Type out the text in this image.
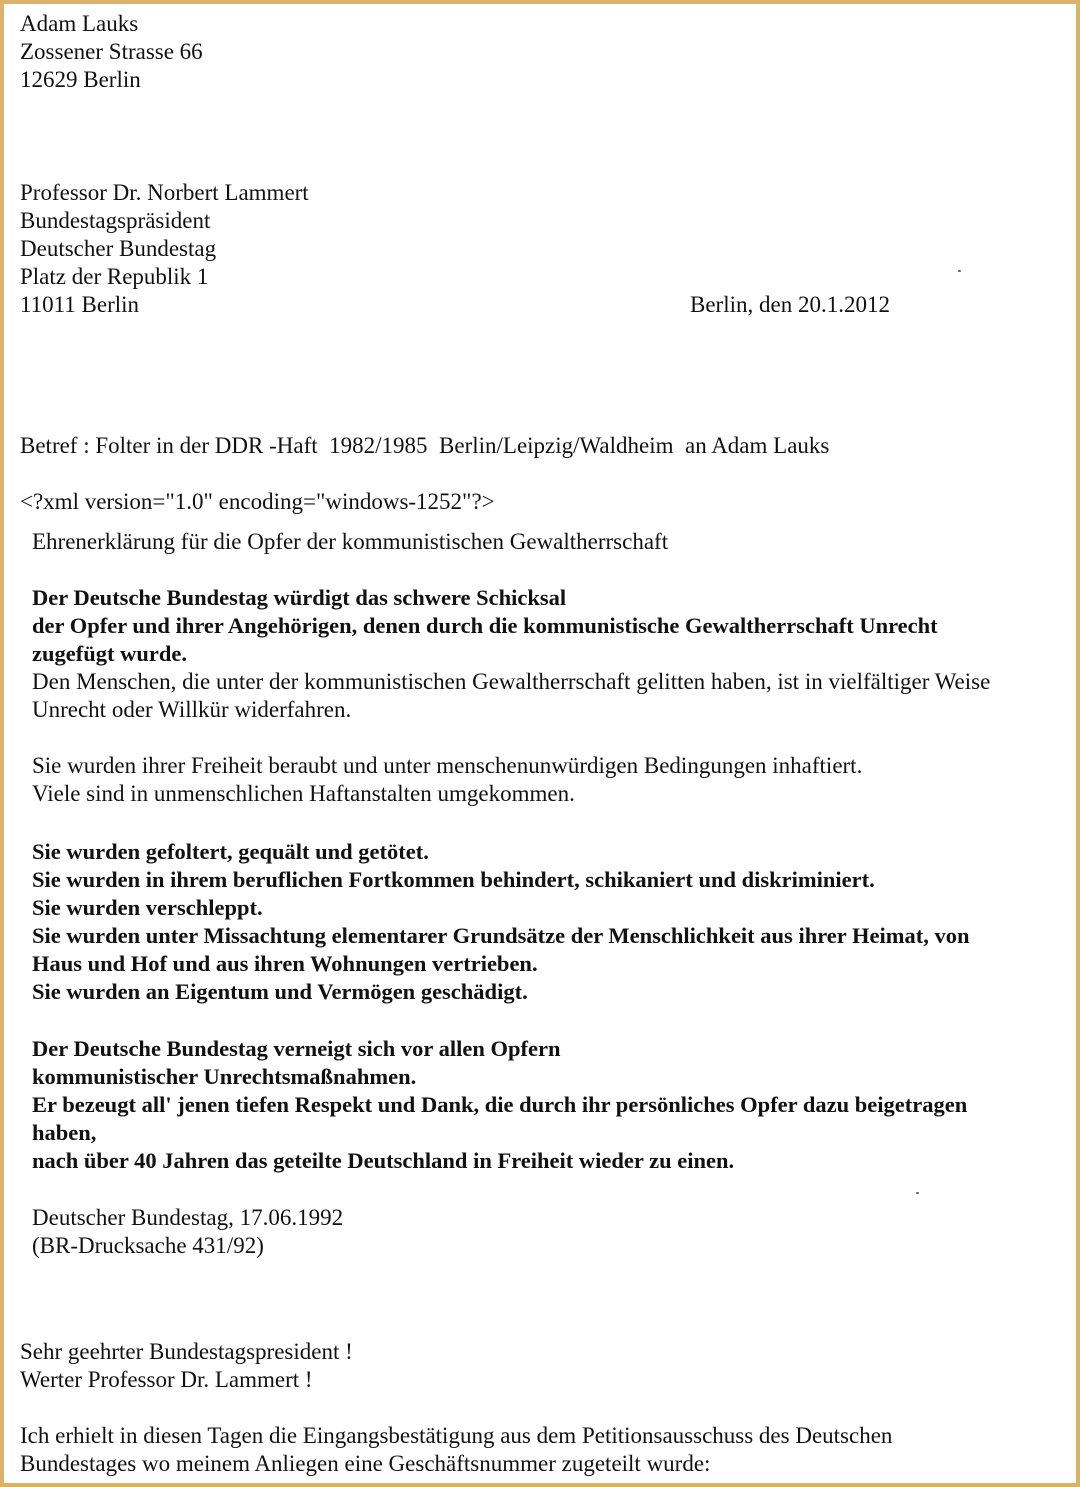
Adam Lauks
Zossener Strasse 66
12629 Berlin
Professor Dr. Norbert Lammert
Bundestagspräsident
Deutscher Bundestag
Platz der Republik 1
11011 Berlin	Berlin, den 20.1.2012
Betref : Folter in der DDR -Haft  1982/1985  Berlin/Leipzig/Waldheim  an Adam Lauks
<?xml version="1.0" encoding="windows-1252"?>
Ehrenerklärung für die Opfer der kommunistischen Gewaltherrschaft
Der Deutsche Bundestag würdigt das schwere Schicksal
der Opfer und ihrer Angehörigen, denen durch die kommunistische Gewaltherrschaft Unrecht
zugefügt wurde.
Den Menschen, die unter der kommunistischen Gewaltherrschaft gelitten haben, ist in vielfältiger Weise
Unrecht oder Willkür widerfahren.
Sie wurden ihrer Freiheit beraubt und unter menschenunwürdigen Bedingungen inhaftiert.
Viele sind in unmenschlichen Haftanstalten umgekommen.
Sie wurden gefoltert, gequält und getötet.
Sie wurden in ihrem beruflichen Fortkommen behindert, schikaniert und diskriminiert.
Sie wurden verschleppt.
Sie wurden unter Missachtung elementarer Grundsätze der Menschlichkeit aus ihrer Heimat, von
Haus und Hof und aus ihren Wohnungen vertrieben.
Sie wurden an Eigentum und Vermögen geschädigt.
Der Deutsche Bundestag verneigt sich vor allen Opfern
kommunistischer Unrechtsmaßnahmen.
Er bezeugt all' jenen tiefen Respekt und Dank, die durch ihr persönliches Opfer dazu beigetragen
haben,
nach über 40 Jahren das geteilte Deutschland in Freiheit wieder zu einen.
Deutscher Bundestag, 17.06.1992
(BR-Drucksache 431/92)
Sehr geehrter Bundestagspresident !
Werter Professor Dr. Lammert !
Ich erhielt in diesen Tagen die Eingangsbestätigung aus dem Petitionsausschuss des Deutschen
Bundestages wo meinem Anliegen eine Geschäftsnummer zugeteilt wurde:
